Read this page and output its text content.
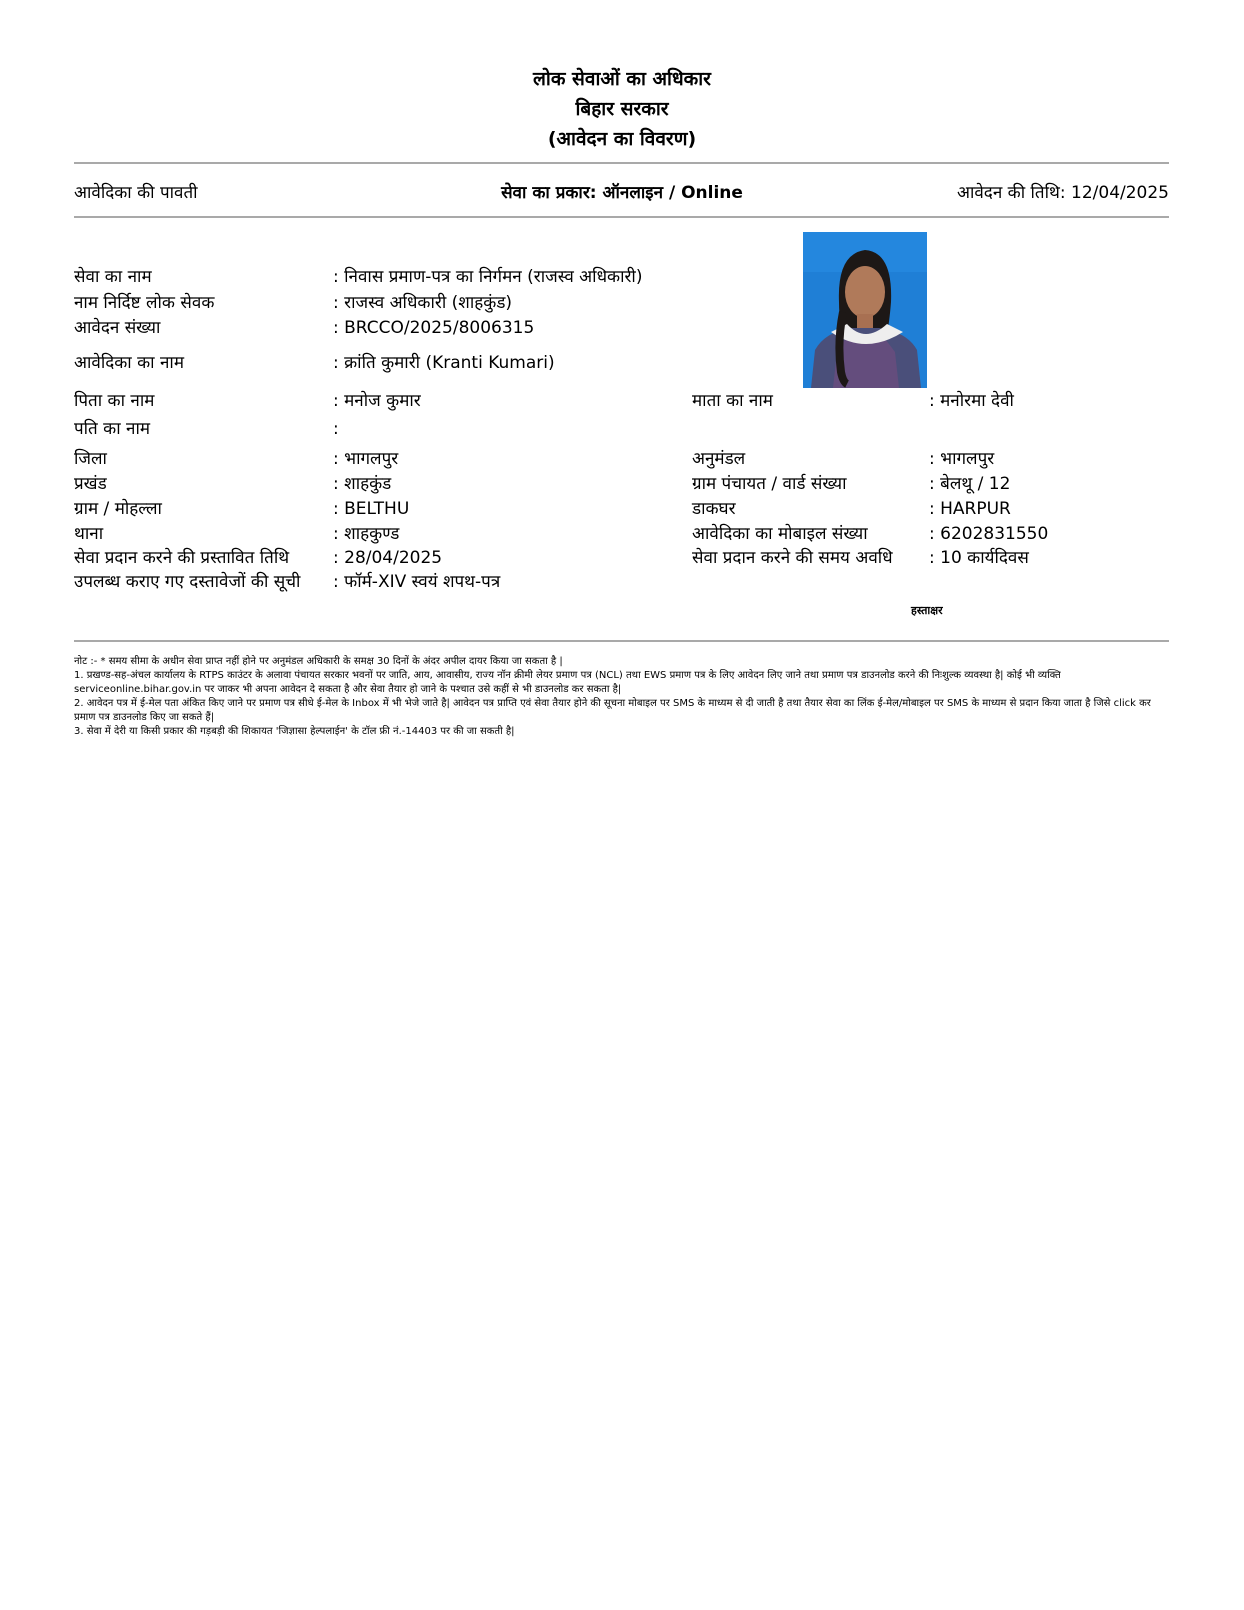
लोक सेवाओं का अधिकार
बिहार सरकार
(आवेदन का विवरण)
आवेदिका की पावती	सेवा का प्रकार: ऑनलाइन / Online	आवेदन की तिथि: 12/04/2025
सेवा का नाम	: निवास प्रमाण-पत्र का निर्गमन (राजस्व अधिकारी)
नाम निर्दिष्ट लोक सेवक	: राजस्व अधिकारी (शाहकुंड)
आवेदन संख्या	: BRCCO/2025/8006315
आवेदिका का नाम	: क्रांति कुमारी (Kranti Kumari)
पिता का नाम	: मनोज कुमार	माता का नाम	: मनोरमा देवी
पति का नाम	:
जिला	: भागलपुर	अनुमंडल	: भागलपुर
प्रखंड	: शाहकुंड	ग्राम पंचायत / वार्ड संख्या	: बेलथू / 12
ग्राम / मोहल्ला	: BELTHU	डाकघर	: HARPUR
थाना	: शाहकुण्ड	आवेदिका का मोबाइल संख्या	: 6202831550
सेवा प्रदान करने की प्रस्तावित तिथि	: 28/04/2025	सेवा प्रदान करने की समय अवधि : 10 कार्यदिवस
उपलब्ध कराए गए दस्तावेजों की सूची : फॉर्म-XIV स्वयं शपथ-पत्र
हस्ताक्षर
नोट :- * समय सीमा के अधीन सेवा प्राप्त नहीं होने पर अनुमंडल अधिकारी के समक्ष 30 दिनों के अंदर अपील दायर किया जा सकता है |
1. प्रखण्ड-सह-अंचल कार्यालय के RTPS काउंटर के अलावा पंचायत सरकार भवनों पर जाति, आय, आवासीय, राज्य नॉन क्रीमी लेयर प्रमाण पत्र (NCL) तथा EWS प्रमाण पत्र के लिए आवेदन लिए जाने तथा प्रमाण पत्र डाउनलोड करने की निःशुल्क व्यवस्था है| कोई भी व्यक्ति serviceonline.bihar.gov.in पर जाकर भी अपना आवेदन दे सकता है और सेवा तैयार हो जाने के पश्चात उसे कहीं से भी डाउनलोड कर सकता है|
2. आवेदन पत्र में ई-मेल पता अंकित किए जाने पर प्रमाण पत्र सीधे ई-मेल के Inbox में भी भेजे जाते है| आवेदन पत्र प्राप्ति एवं सेवा तैयार होने की सूचना मोबाइल पर SMS के माध्यम से दी जाती है तथा तैयार सेवा का लिंक ई-मेल/मोबाइल पर SMS के माध्यम से प्रदान किया जाता है जिसे click कर प्रमाण पत्र डाउनलोड किए जा सकते हैं|
3. सेवा में देरी या किसी प्रकार की गड़बड़ी की शिकायत 'जिज्ञासा हेल्पलाईन' के टॉल फ्री नं.-14403 पर की जा सकती है|
